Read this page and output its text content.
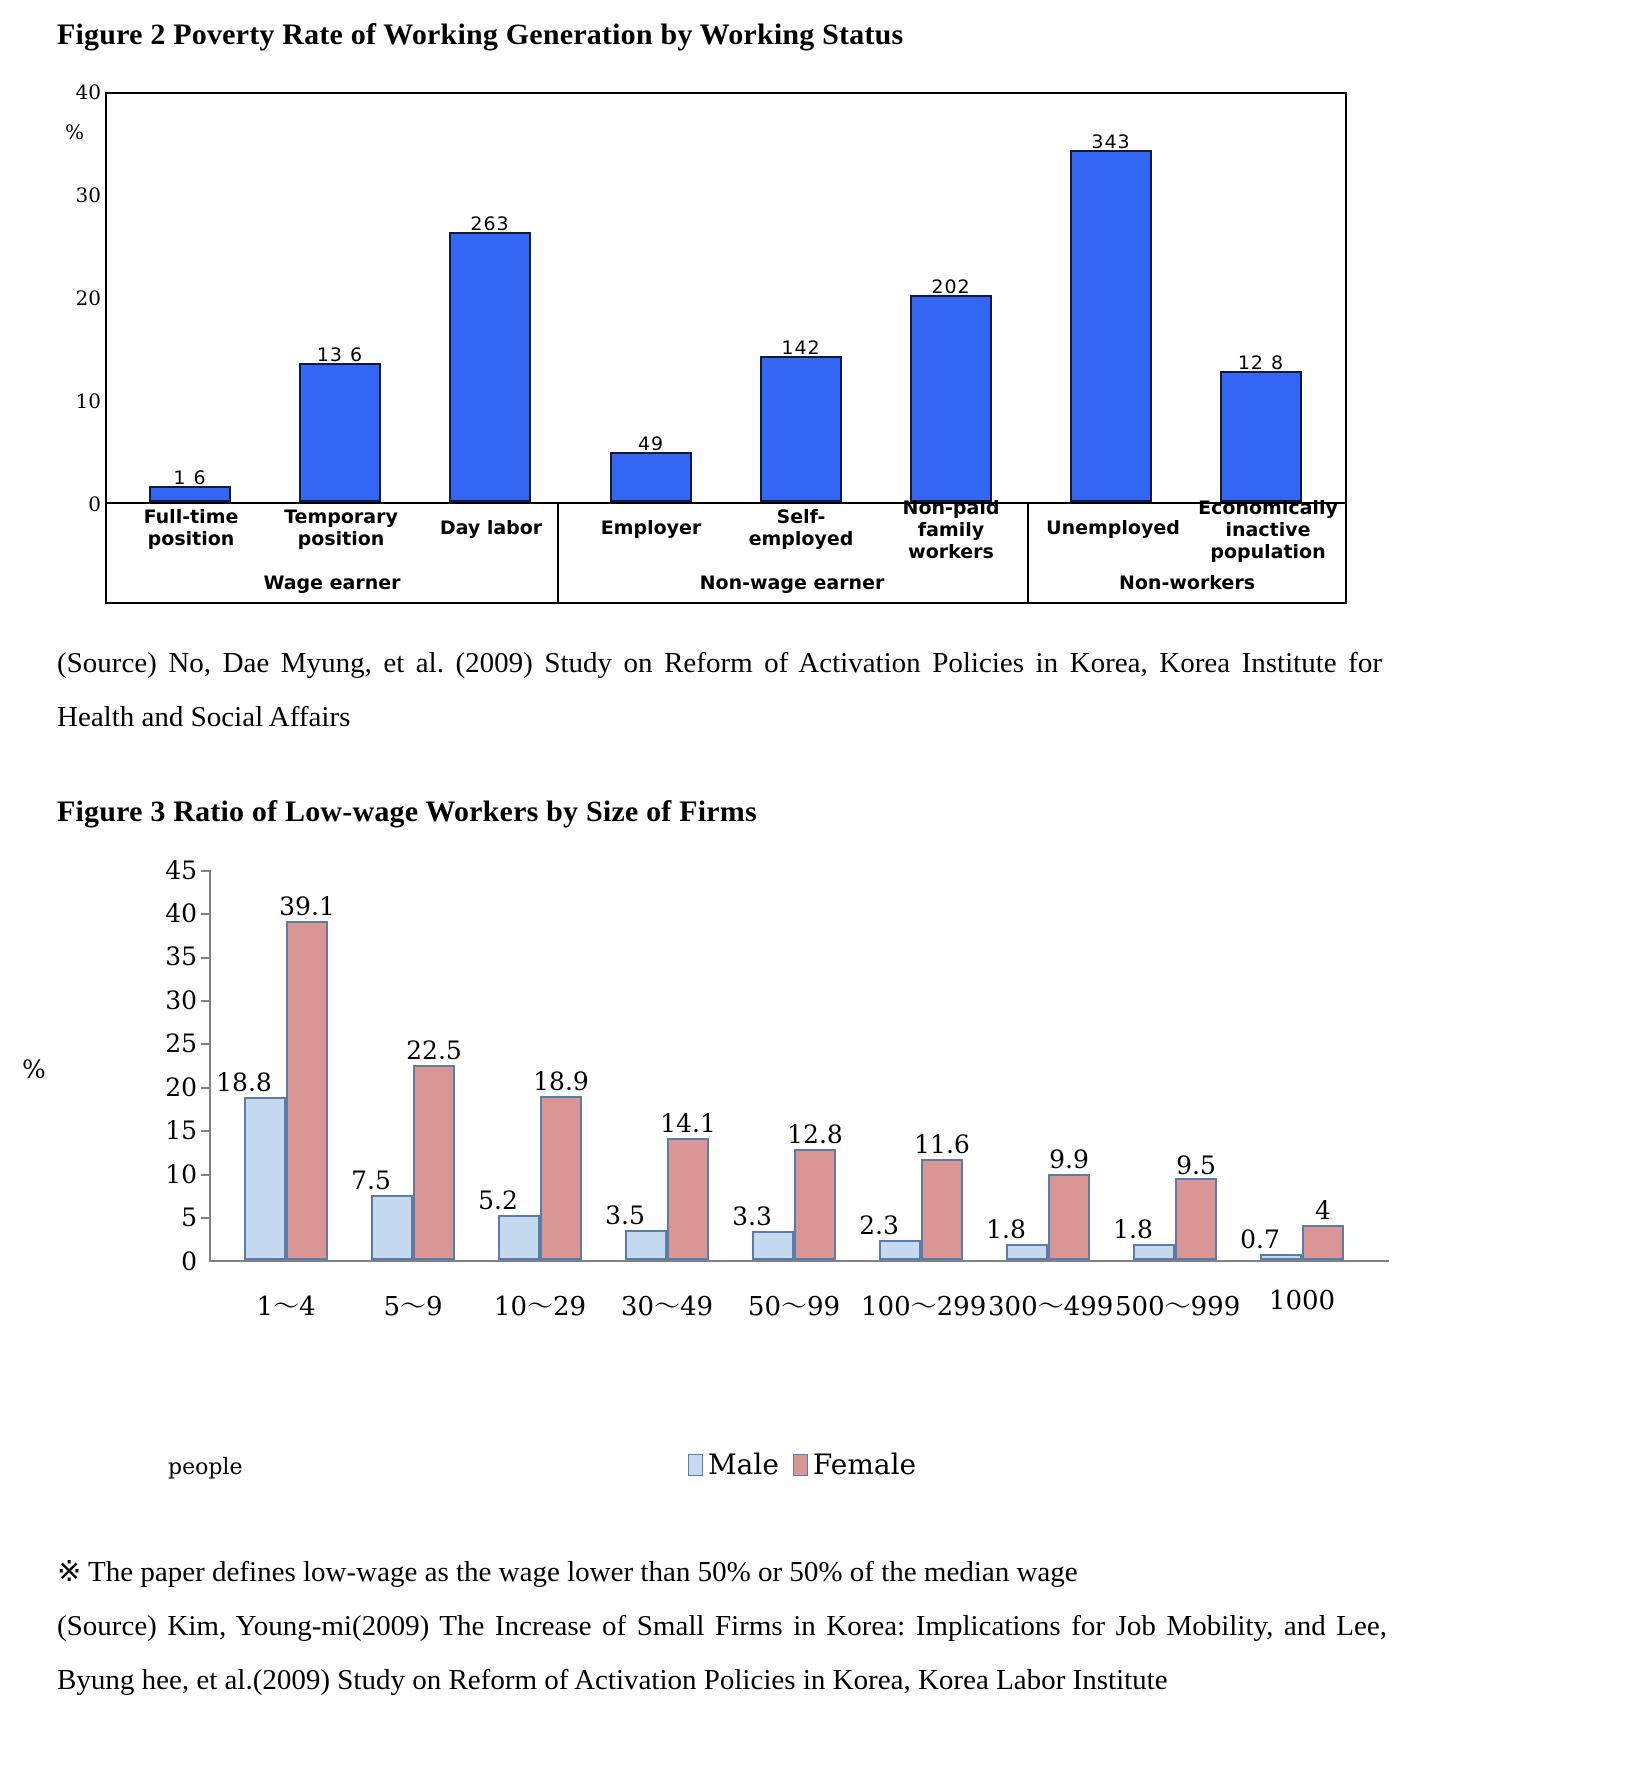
Figure 2 Poverty Rate of Working Generation by Working Status
%
40
30
20
10
0
1 6
13 6
263
49
142
202
343
12 8
Full-time
position
Temporary
position	Day labor	Employer	Self-
employed
Non-paid
family
workers
Unemployed
Economically
inactive
population
Wage earner	Non-wage earner	Non-workers
(Source) No, Dae Myung, et al. (2009) Study on Reform of Activation Policies in Korea, Korea Institute for Health and Social Affairs
Figure 3 Ratio of Low-wage Workers by Size of Firms
%
45
40
35
30
25
20
15
10
5
0
18.8
39.1
7.5
22.5
5.2
18.9
3.5
14.1
3.3
12.8
2.3
11.6
1.8
9.9
1.8
9.5
0.7
4
1～4	5～9	10～29	30～49	50～99 100～299 300～499 500～999	1000
people	Male Female
※ The paper defines low-wage as the wage lower than 50% or 50% of the median wage
(Source) Kim, Young-mi(2009) The Increase of Small Firms in Korea: Implications for Job Mobility, and Lee, Byung hee, et al.(2009) Study on Reform of Activation Policies in Korea, Korea Labor Institute
